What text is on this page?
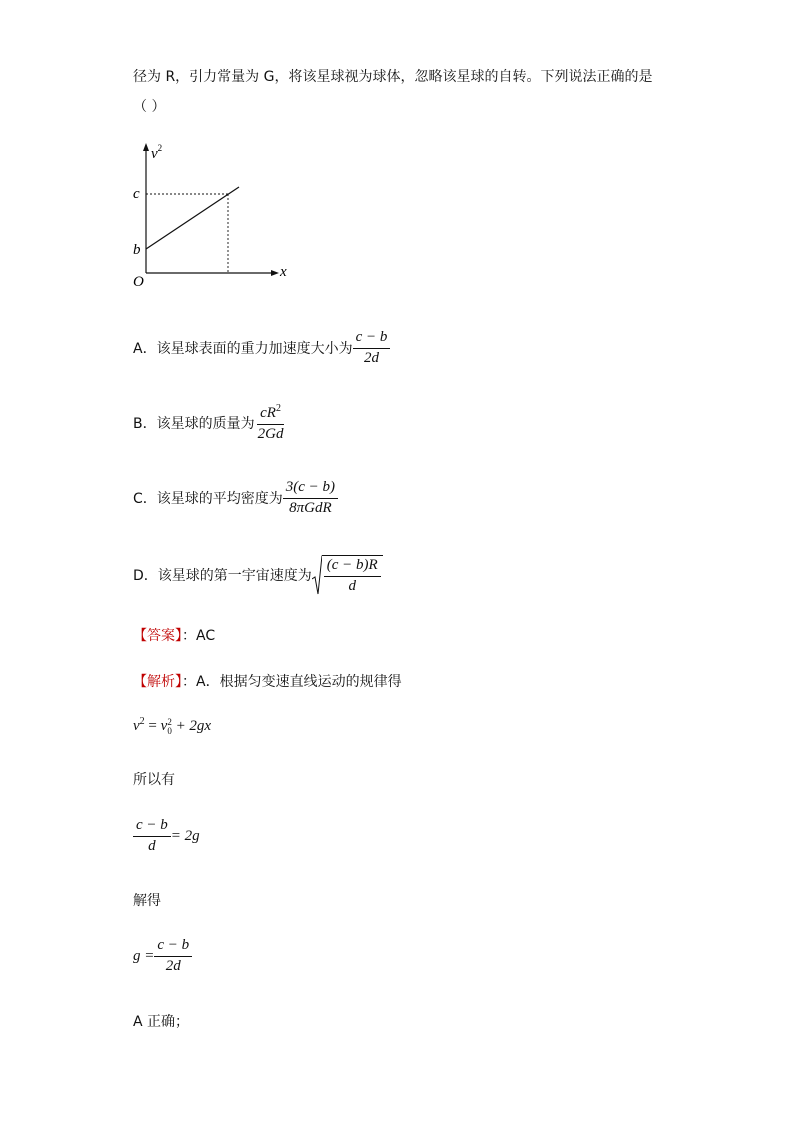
径为 R，引力常量为 G，将该星球视为球体，忽略该星球的自转。下列说法正确的是
（ ）
$v^2$
x
O
c
b
A．该星球表面的重力加速度大小为 $\frac{c - b}{2d}$
B．该星球的质量为 $\frac{cR^2}{2Gd}$
C．该星球的平均密度为 $\frac{3(c - b)}{\text{8πGdR}}$
D．该星球的第一宇宙速度为 $\frac{(c - b)R}{d}$
【答案】：AC
【解析】：A．根据匀变速直线运动的规律得
$v^2 = v$ 2
0 + 2gx
所以有
$\frac{c - b}{d} = 2g$
解得
$g = \frac{c - b}{2d}$
A 正确；
